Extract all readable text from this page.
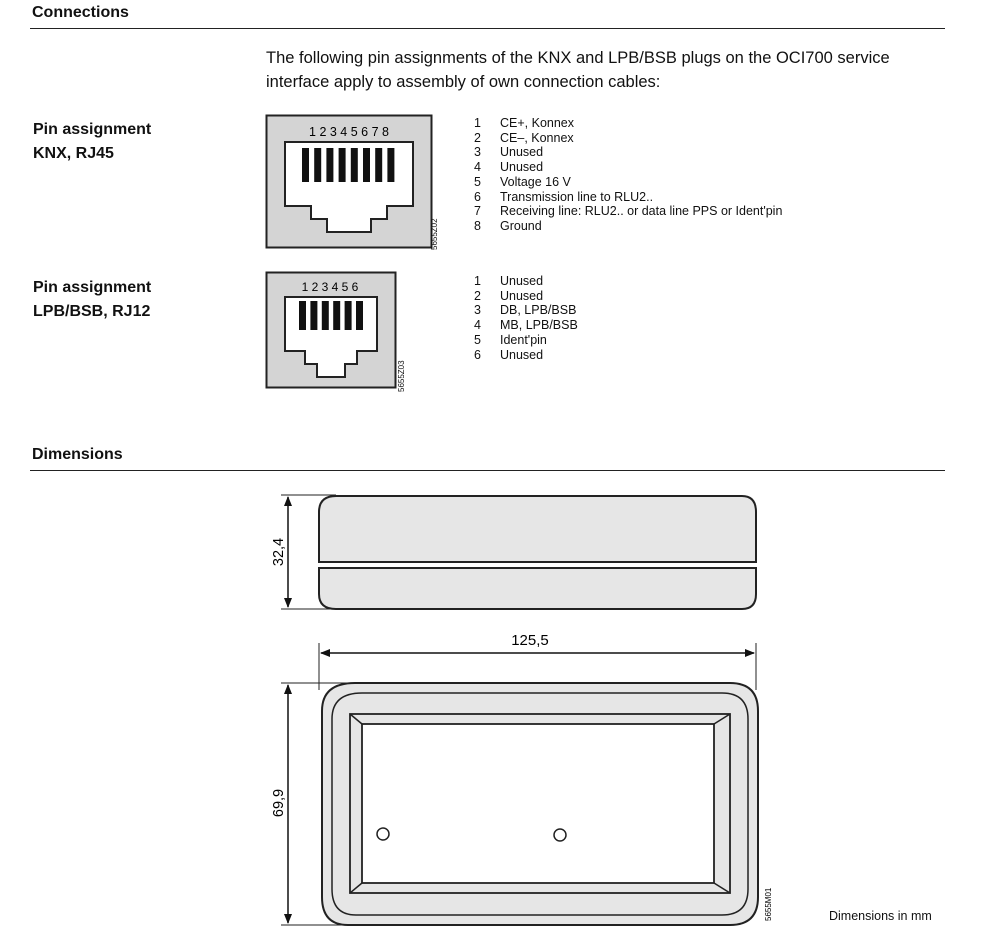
Connections
The following pin assignments of the KNX and LPB/BSB plugs on the OCI700 service
interface apply to assembly of own connection cables:
Pin assignment
KNX, RJ45
1 2 3 4 5 6 7 8
5655Z02
1	CE+, Konnex
2	CE–, Konnex
3	Unused
4	Unused
5	Voltage 16 V
6	Transmission line to RLU2..
7	Receiving line: RLU2.. or data line PPS or Ident'pin
8	Ground
Pin assignment
LPB/BSB, RJ12
1 2 3 4 5 6
5655Z03
1	Unused
2	Unused
3	DB, LPB/BSB
4	MB, LPB/BSB
5	Ident'pin
6	Unused
Dimensions
32,4
125,5
69,9
5655M01	Dimensions in mm
